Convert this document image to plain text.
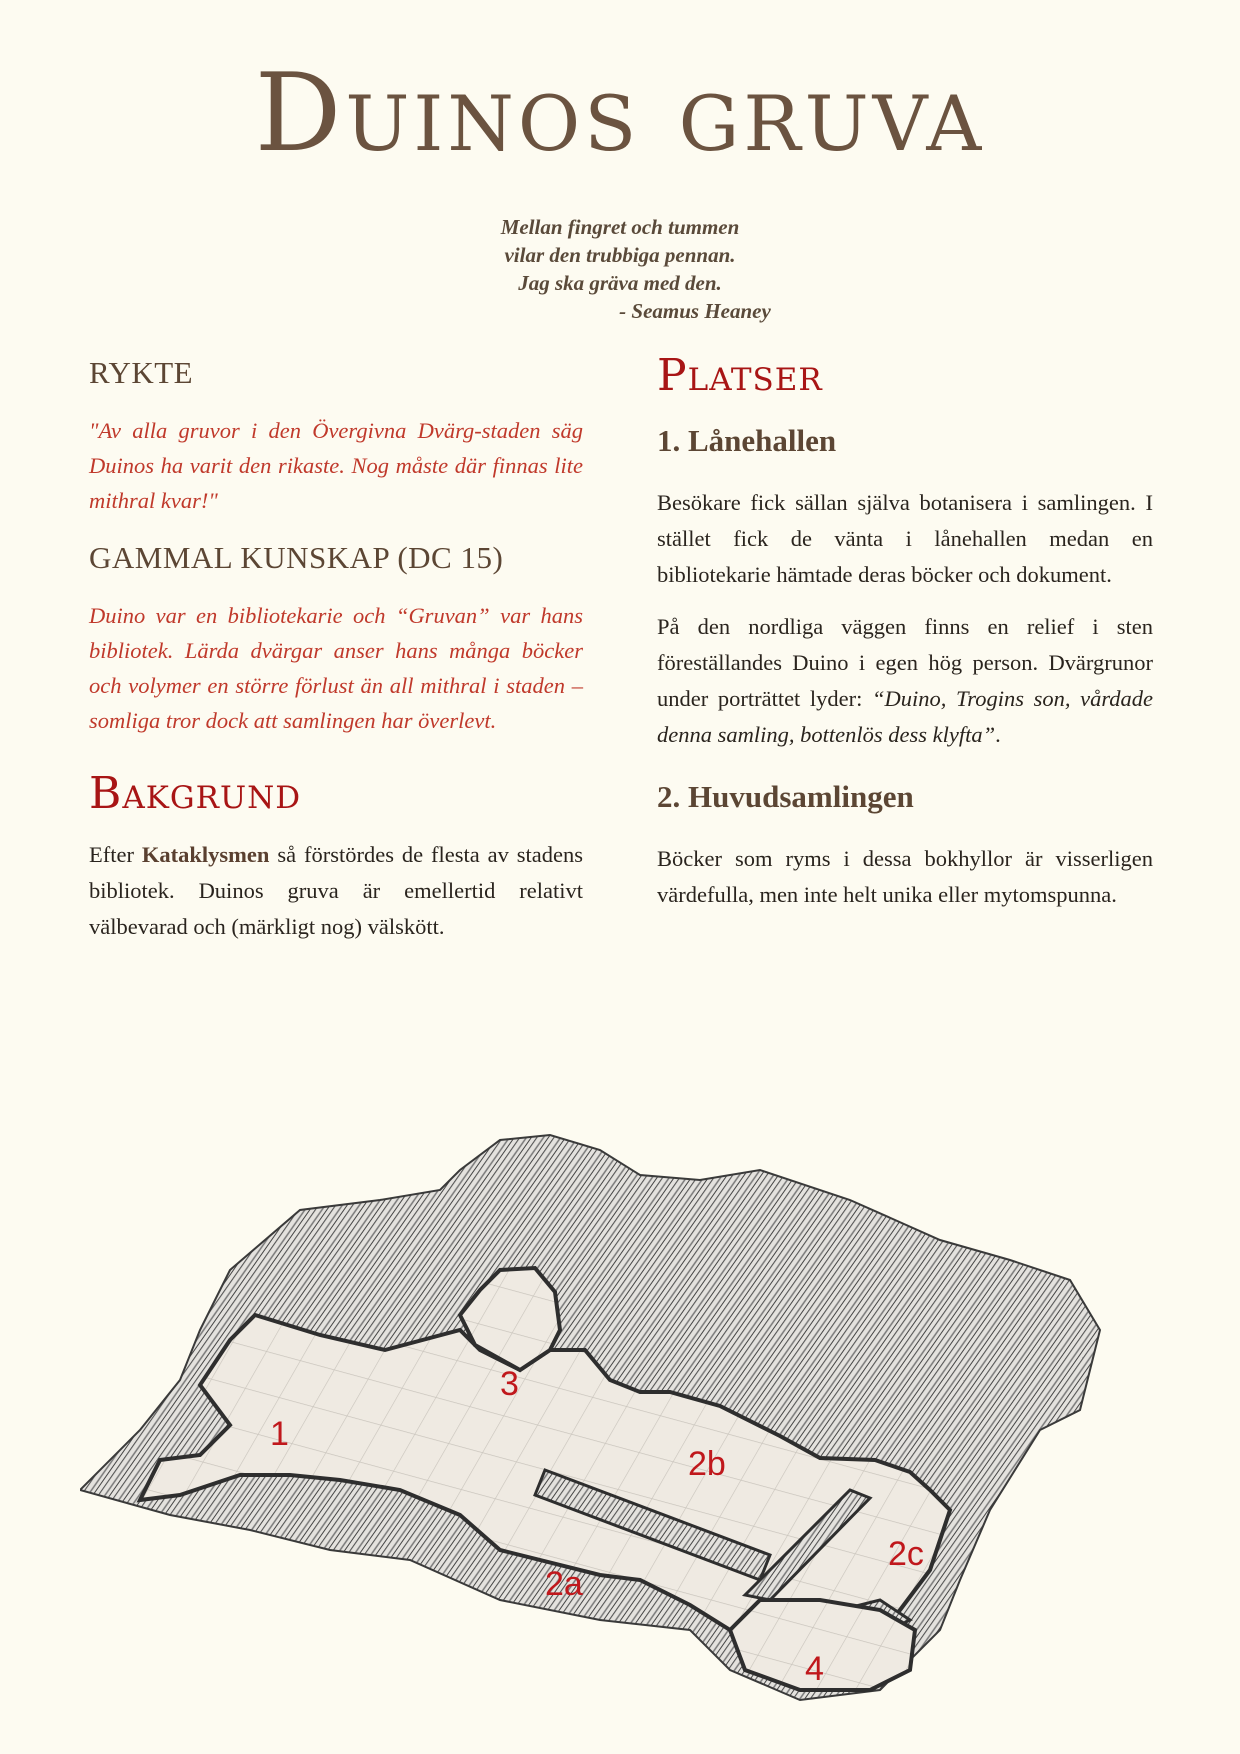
Duinos gruva
Mellan fingret och tummen
vilar den trubbiga pennan.
Jag ska gräva med den.
- Seamus Heaney
RYKTE

"Av alla gruvor i den Övergivna Dvärg-staden säg Duinos ha varit den rikaste. Nog måste där finnas lite mithral kvar!"

GAMMAL KUNSKAP (DC 15)

Duino var en bibliotekarie och “Gruvan” var hans bibliotek. Lärda dvärgar anser hans många böcker och volymer en större förlust än all mithral i staden – somliga tror dock att samlingen har överlevt.

Bakgrund

Efter Kataklysmen så förstördes de flesta av stadens bibliotek. Duinos gruva är emellertid relativt välbevarad och (märkligt nog) välskött.

Platser
1. Lånehallen

Besökare fick sällan själva botanisera i samlingen. I stället fick de vänta i lånehallen medan en bibliotekarie hämtade deras böcker och dokument.

På den nordliga väggen finns en relief i sten föreställandes Duino i egen hög person. Dvärgrunor under porträttet lyder: “Duino, Trogins son, vårdade denna samling, bottenlös dess klyfta”.

2. Huvudsamlingen

Böcker som ryms i dessa bokhyllor är visserligen värdefulla, men inte helt unika eller mytomspunna.

1
2a
2b
2c
3
4
